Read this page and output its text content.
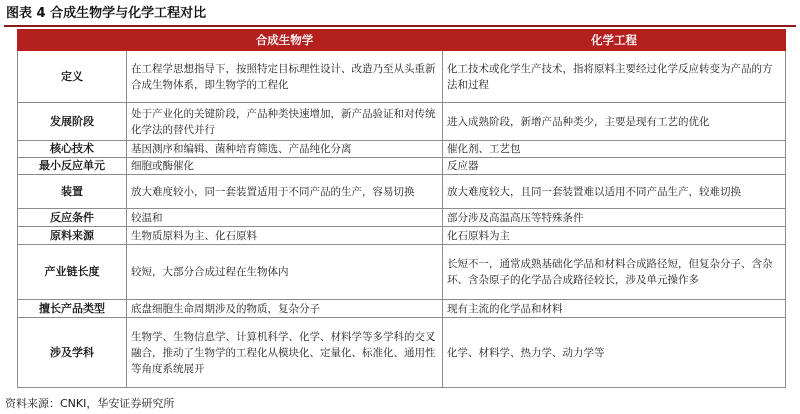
图表 4 合成生物学与化学工程对比
	合成生物学	化学工程
定义	在工程学思想指导下，按照特定目标理性设计、改造乃至从头重新合成生物体系，即生物学的工程化	化工技术或化学生产技术，指将原料主要经过化学反应转变为产品的方法和过程
发展阶段	处于产业化的关键阶段，产品种类快速增加，新产品验证和对传统化学法的替代并行	进入成熟阶段，新增产品种类少，主要是现有工艺的优化
核心技术	基因测序和编辑、菌种培育筛选、产品纯化分离	催化剂、工艺包
最小反应单元	细胞或酶催化	反应器
装置	放大难度较小，同一套装置适用于不同产品的生产，容易切换	放大难度较大，且同一套装置难以适用不同产品生产，较难切换
反应条件	较温和	部分涉及高温高压等特殊条件
原料来源	生物质原料为主、化石原料	化石原料为主
产业链长度	较短，大部分合成过程在生物体内	长短不一，通常成熟基础化学品和材料合成路径短，但复杂分子、含杂环、含杂原子的化学品合成路径较长，涉及单元操作多
擅长产品类型	底盘细胞生命周期涉及的物质，复杂分子	现有主流的化学品和材料
涉及学科	生物学、生物信息学、计算机科学、化学、材料学等多学科的交叉融合，推动了生物学的工程化从模块化、定量化、标准化、通用性等角度系统展开	化学、材料学、热力学、动力学等
资料来源：CNKI，华安证券研究所
